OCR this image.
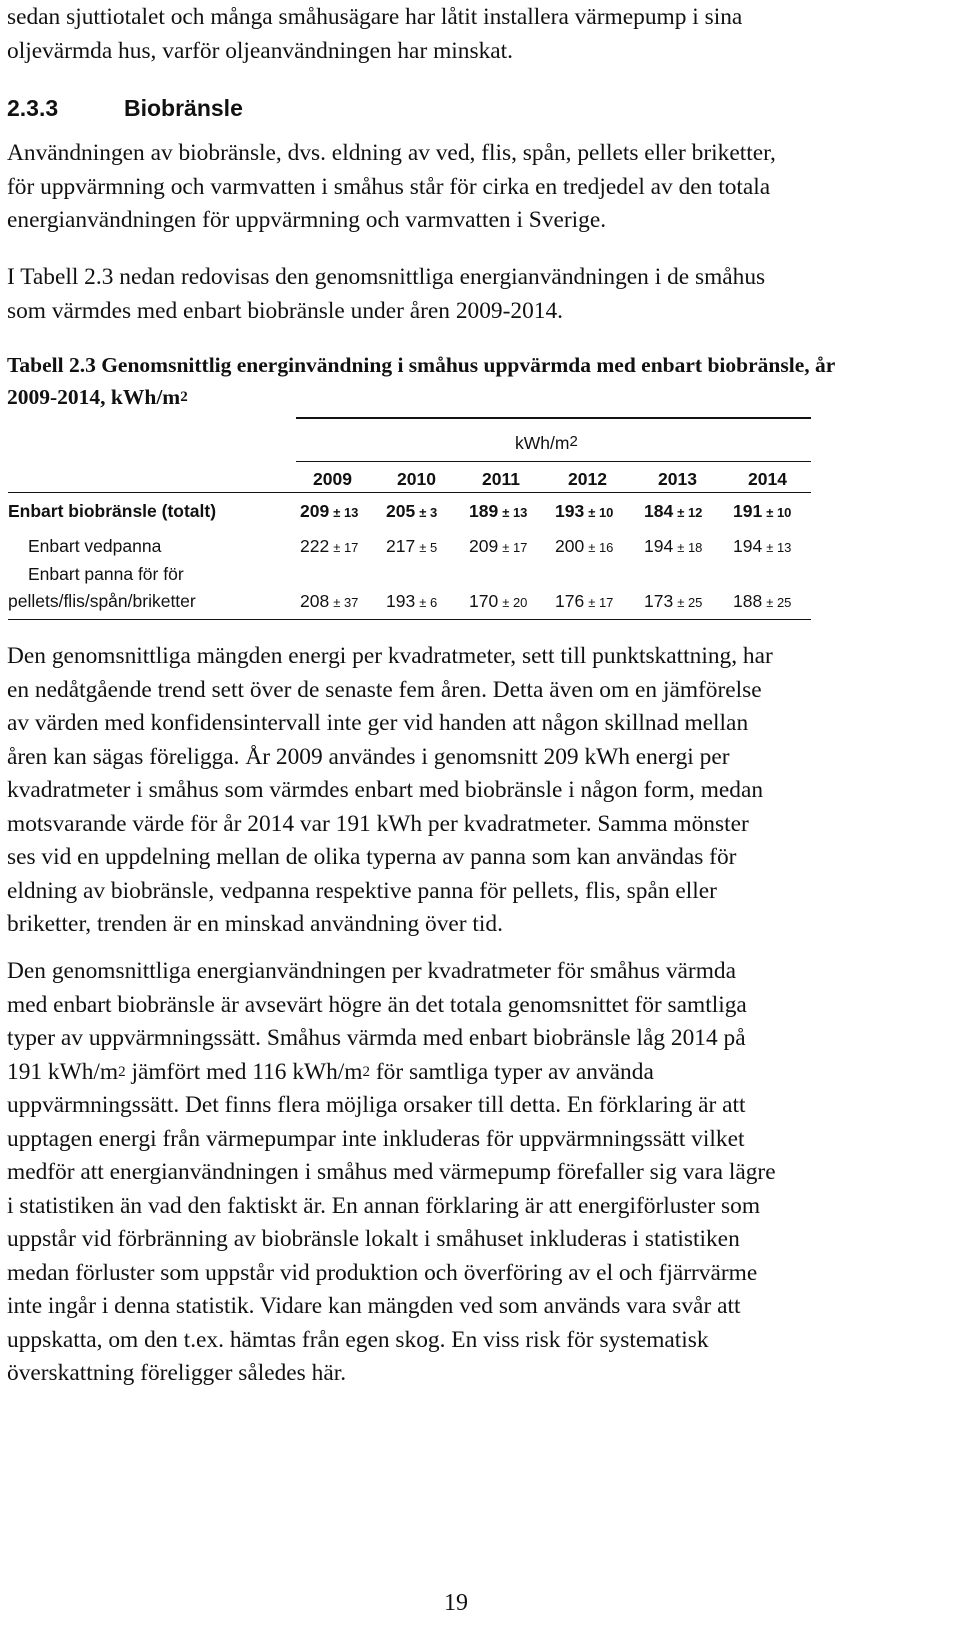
sedan sjuttiotalet och många småhusägare har låtit installera värmepump i sina
oljevärmda hus, varför oljeanvändningen har minskat.
2.3.3	Biobränsle
Användningen av biobränsle, dvs. eldning av ved, flis, spån, pellets eller briketter,
för uppvärmning och varmvatten i småhus står för cirka en tredjedel av den totala
energianvändningen för uppvärmning och varmvatten i Sverige.
I Tabell 2.3 nedan redovisas den genomsnittliga energianvändningen i de småhus
som värmdes med enbart biobränsle under åren 2009-2014.
Tabell 2.3 Genomsnittlig energinvändning i småhus uppvärmda med enbart biobränsle, år
2009-2014, kWh/$m^2$
kWh/$m^2$
2009	2010	2011	2012	2013	2014
Enbart biobränsle (totalt)	209 ± 13 205 ± 3 189 ± 13 193 ± 10 184 ± 12 191 ± 10
Enbart vedpanna	222 ± 17 217 ± 5 209 ± 17 200 ± 16 194 ± 18 194 ± 13
Enbart panna för för
pellets/flis/spån/briketter	208 ± 37 193 ± 6 170 ± 20 176 ± 17 173 ± 25 188 ± 25
Den genomsnittliga mängden energi per kvadratmeter, sett till punktskattning, har
en nedåtgående trend sett över de senaste fem åren. Detta även om en jämförelse
av värden med konfidensintervall inte ger vid handen att någon skillnad mellan
åren kan sägas föreligga. År 2009 användes i genomsnitt 209 kWh energi per
kvadratmeter i småhus som värmdes enbart med biobränsle i någon form, medan
motsvarande värde för år 2014 var 191 kWh per kvadratmeter. Samma mönster
ses vid en uppdelning mellan de olika typerna av panna som kan användas för
eldning av biobränsle, vedpanna respektive panna för pellets, flis, spån eller
briketter, trenden är en minskad användning över tid.
Den genomsnittliga energianvändningen per kvadratmeter för småhus värmda
med enbart biobränsle är avsevärt högre än det totala genomsnittet för samtliga
typer av uppvärmningssätt. Småhus värmda med enbart biobränsle låg 2014 på
191 kWh/$m^2$ jämfört med 116 kWh/$m^2$ för samtliga typer av använda
uppvärmningssätt. Det finns flera möjliga orsaker till detta. En förklaring är att
upptagen energi från värmepumpar inte inkluderas för uppvärmningssätt vilket
medför att energianvändningen i småhus med värmepump förefaller sig vara lägre
i statistiken än vad den faktiskt är. En annan förklaring är att energiförluster som
uppstår vid förbränning av biobränsle lokalt i småhuset inkluderas i statistiken
medan förluster som uppstår vid produktion och överföring av el och fjärrvärme
inte ingår i denna statistik. Vidare kan mängden ved som används vara svår att
uppskatta, om den t.ex. hämtas från egen skog. En viss risk för systematisk
överskattning föreligger således här.
19
